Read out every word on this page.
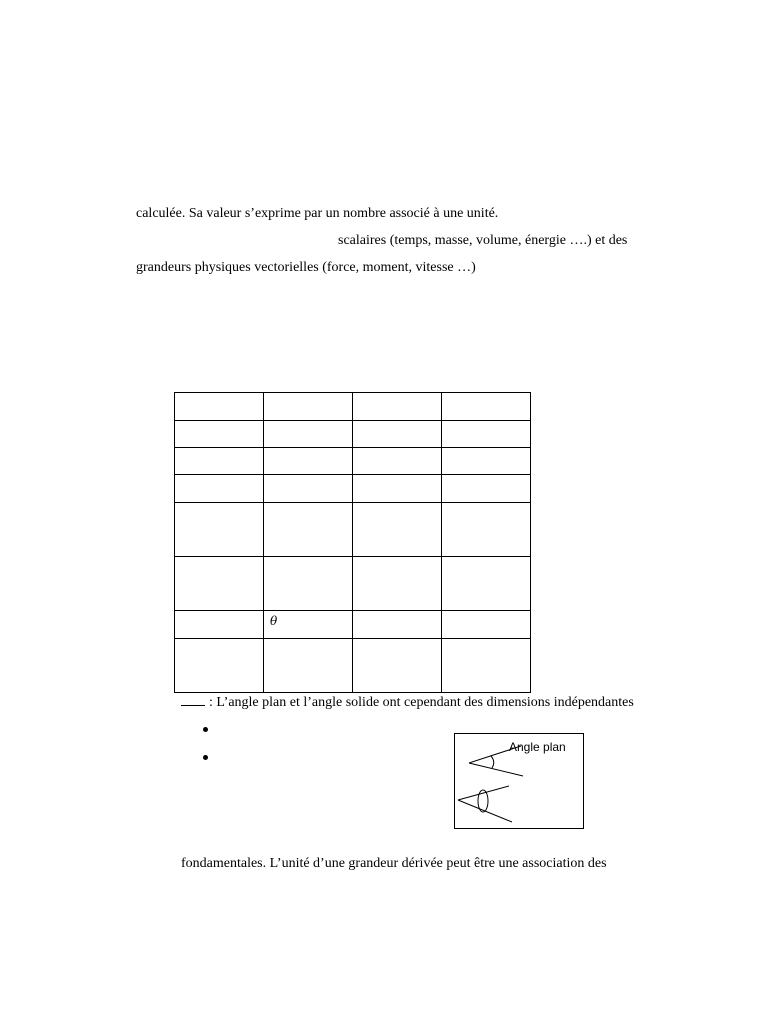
calculée. Sa valeur s’exprime par un nombre associé à une unité.
scalaires (temps, masse, volume, énergie ….) et des
grandeurs physiques vectorielles (force, moment, vitesse …)

	θ		

: L’angle plan et l’angle solide ont cependant des dimensions indépendantes
Angle plan
fondamentales. L’unité d’une grandeur dérivée peut être une association des
